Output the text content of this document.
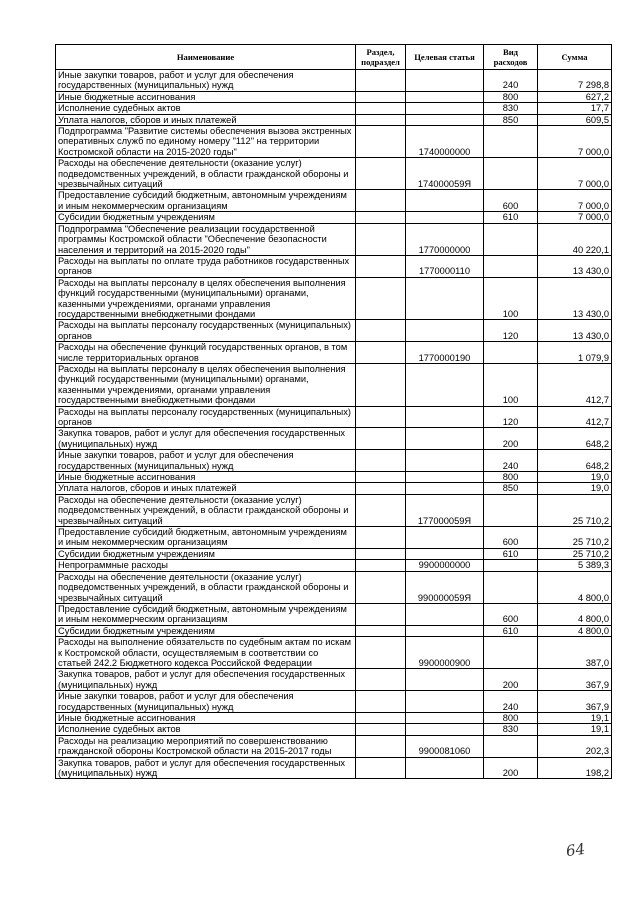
Наименование	Раздел, подраздел	Целевая статья	Вид расходов	Сумма
Иные закупки товаров, работ и услуг для обеспечения государственных (муниципальных) нужд			240	7 298,8
Иные бюджетные ассигнования			800	627,2
Исполнение судебных актов			830	17,7
Уплата налогов, сборов и иных платежей			850	609,5
Подпрограмма "Развитие системы обеспечения вызова экстренных оперативных служб по единому номеру "112" на территории Костромской области на 2015-2020 годы"		1740000000		7 000,0
Расходы на обеспечение деятельности (оказание услуг) подведомственных учреждений, в области гражданской обороны и чрезвычайных ситуаций		174000059Я		7 000,0
Предоставление субсидий бюджетным, автономным учреждениям и иным некоммерческим организациям			600	7 000,0
Субсидии бюджетным учреждениям			610	7 000,0
Подпрограмма "Обеспечение реализации государственной программы Костромской области "Обеспечение безопасности населения и территорий на 2015-2020 годы"		1770000000		40 220,1
Расходы на выплаты по оплате труда работников государственных органов		1770000110		13 430,0
Расходы на выплаты персоналу в целях обеспечения выполнения функций государственными (муниципальными) органами, казенными учреждениями, органами управления государственными внебюджетными фондами			100	13 430,0
Расходы на выплаты персоналу государственных (муниципальных) органов			120	13 430,0
Расходы на обеспечение функций государственных органов, в том числе территориальных органов		1770000190		1 079,9
Расходы на выплаты персоналу в целях обеспечения выполнения функций государственными (муниципальными) органами, казенными учреждениями, органами управления государственными внебюджетными фондами			100	412,7
Расходы на выплаты персоналу государственных (муниципальных) органов			120	412,7
Закупка товаров, работ и услуг для обеспечения государственных (муниципальных) нужд			200	648,2
Иные закупки товаров, работ и услуг для обеспечения государственных (муниципальных) нужд			240	648,2
Иные бюджетные ассигнования			800	19,0
Уплата налогов, сборов и иных платежей			850	19,0
Расходы на обеспечение деятельности (оказание услуг) подведомственных учреждений, в области гражданской обороны и чрезвычайных ситуаций		177000059Я		25 710,2
Предоставление субсидий бюджетным, автономным учреждениям и иным некоммерческим организациям			600	25 710,2
Субсидии бюджетным учреждениям			610	25 710,2
Непрограммные расходы		9900000000		5 389,3
Расходы на обеспечение деятельности (оказание услуг) подведомственных учреждений, в области гражданской обороны и чрезвычайных ситуаций		990000059Я		4 800,0
Предоставление субсидий бюджетным, автономным учреждениям и иным некоммерческим организациям			600	4 800,0
Субсидии бюджетным учреждениям			610	4 800,0
Расходы на выполнение обязательств по судебным актам по искам к Костромской области, осуществляемым в соответствии со статьей 242.2 Бюджетного кодекса Российской Федерации		9900000900		387,0
Закупка товаров, работ и услуг для обеспечения государственных (муниципальных) нужд			200	367,9
Иные закупки товаров, работ и услуг для обеспечения государственных (муниципальных) нужд			240	367,9
Иные бюджетные ассигнования			800	19,1
Исполнение судебных актов			830	19,1
Расходы на реализацию мероприятий по совершенствованию гражданской обороны Костромской области на 2015-2017 годы		9900081060		202,3
Закупка товаров, работ и услуг для обеспечения государственных (муниципальных) нужд			200	198,2
64
